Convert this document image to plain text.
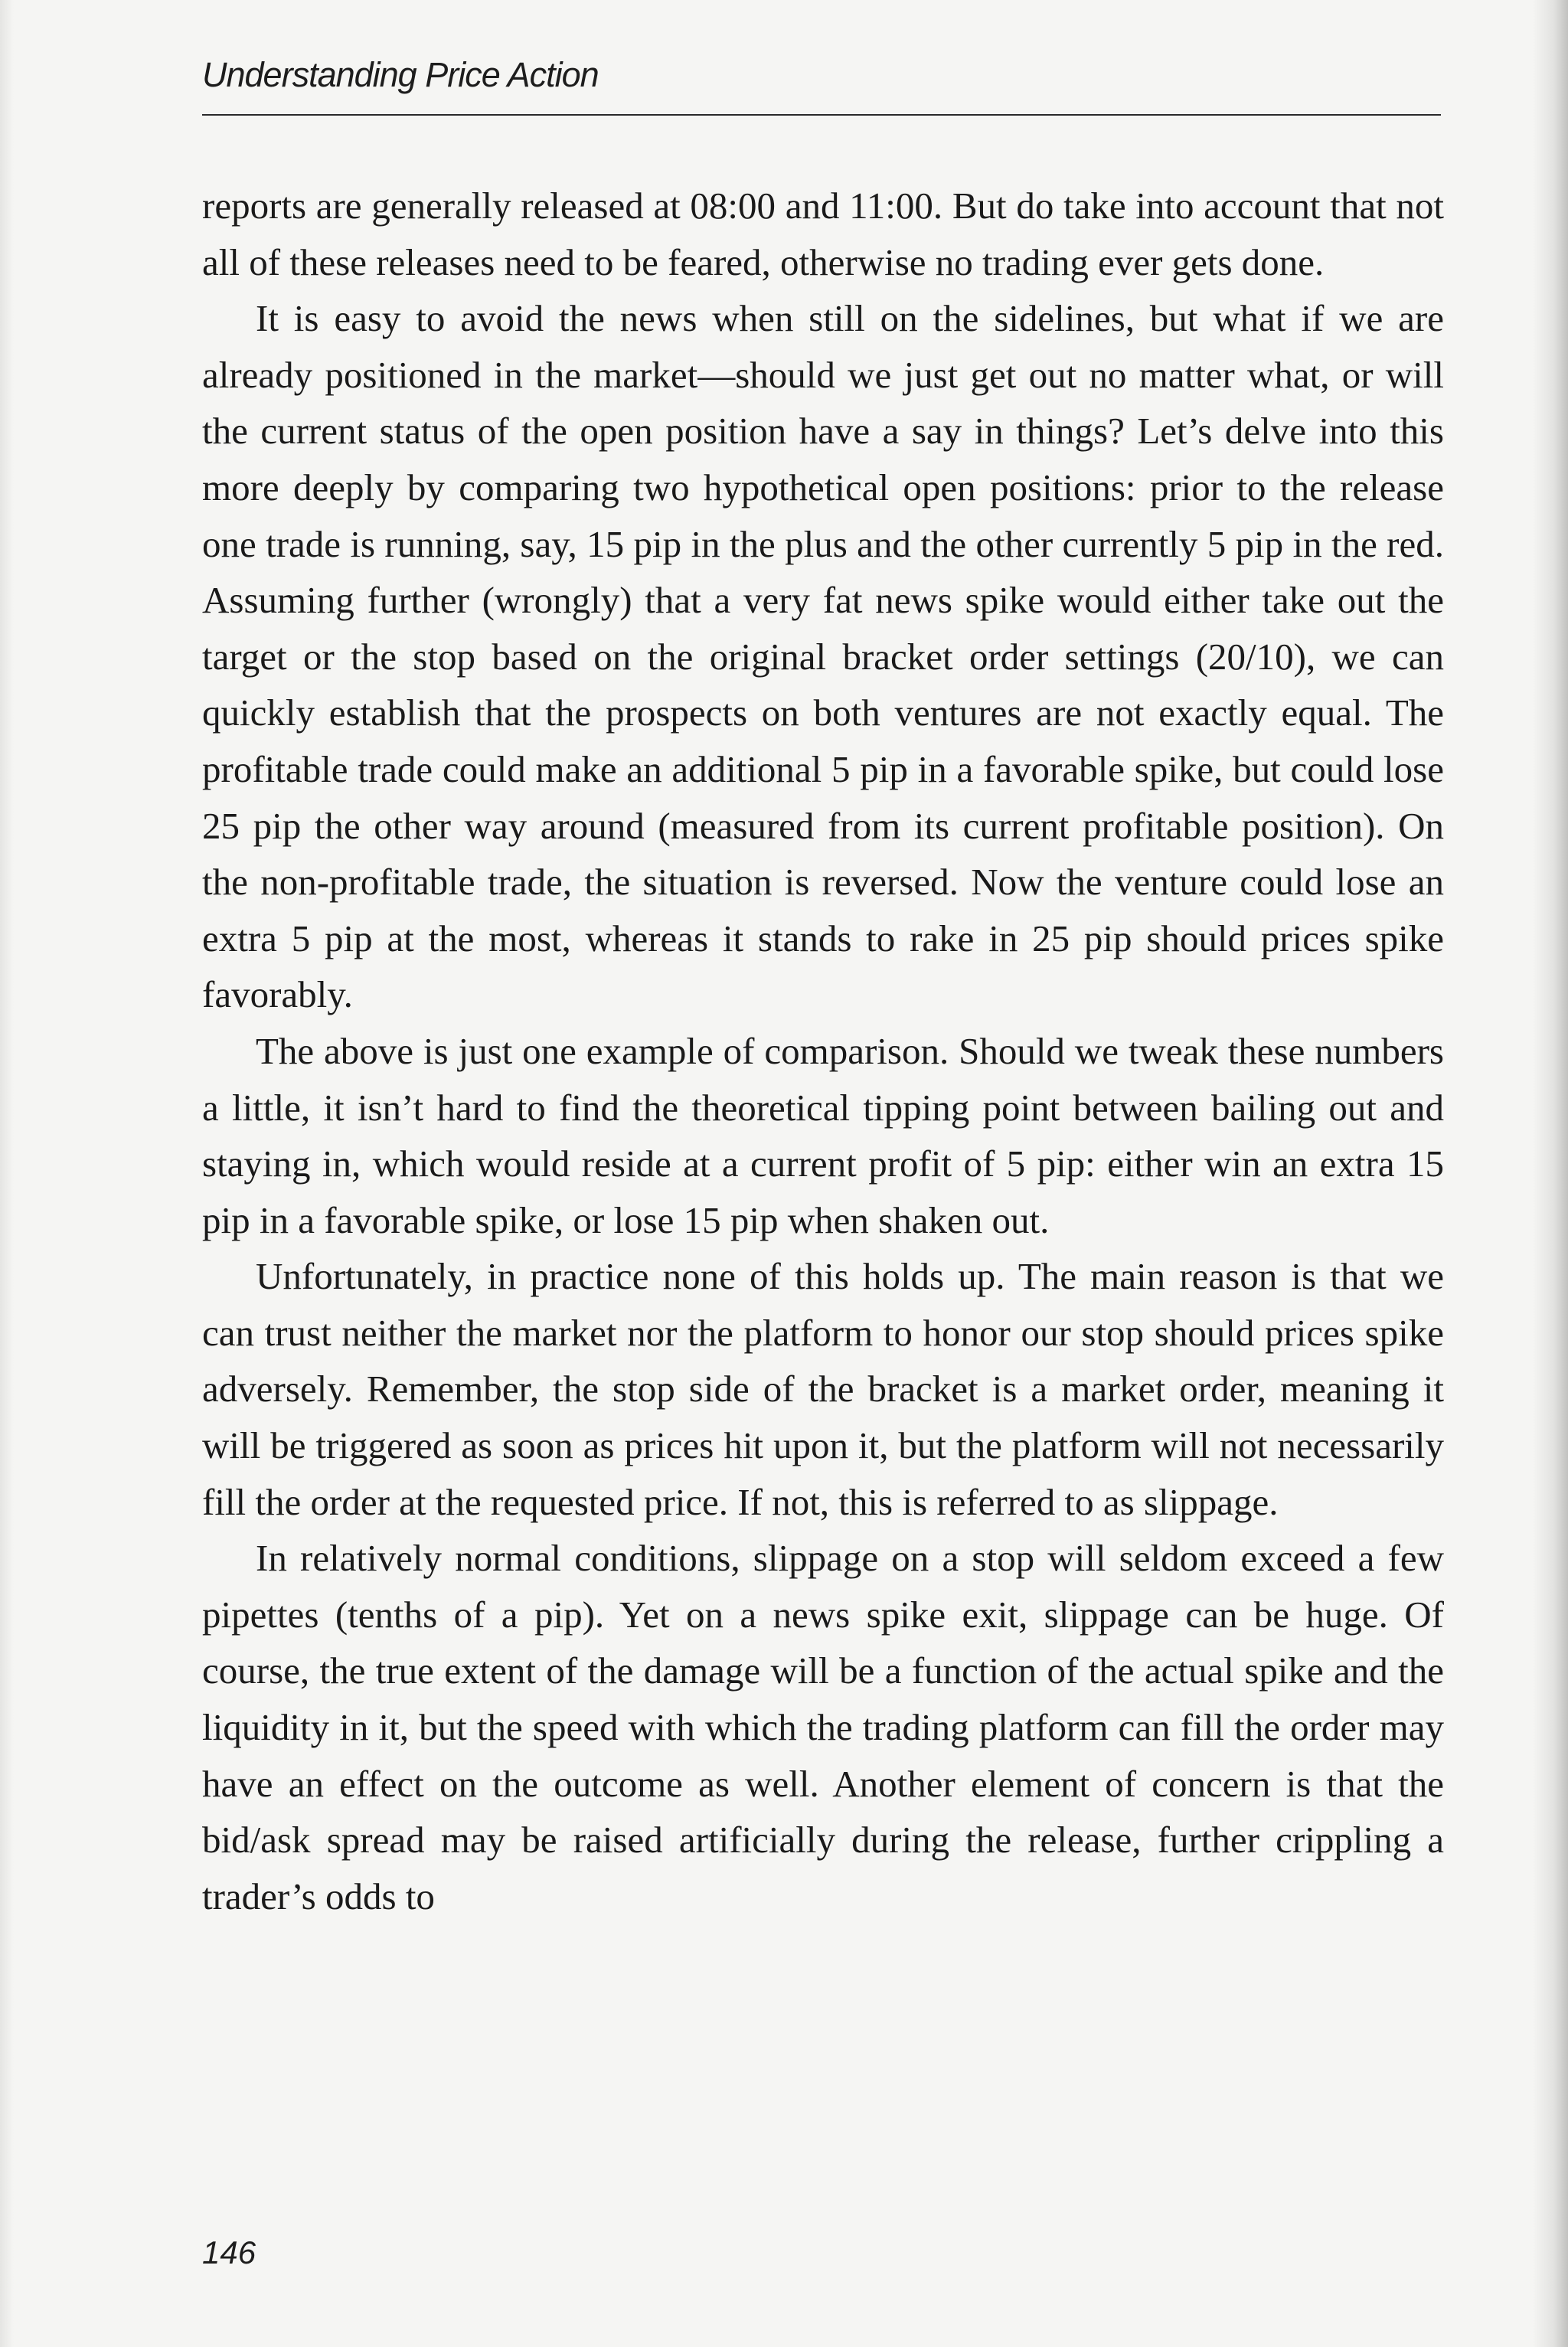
Understanding Price Action

reports are generally released at 08:00 and 11:00. But do take into account that not all of these releases need to be feared, otherwise no trading ever gets done.

It is easy to avoid the news when still on the sidelines, but what if we are already positioned in the market—should we just get out no matter what, or will the current status of the open position have a say in things? Let’s delve into this more deeply by comparing two hypothetical open positions: prior to the release one trade is running, say, 15 pip in the plus and the other currently 5 pip in the red. Assuming further (wrongly) that a very fat news spike would either take out the target or the stop based on the original bracket order settings (20/10), we can quickly establish that the prospects on both ventures are not exactly equal. The profitable trade could make an additional 5 pip in a favorable spike, but could lose 25 pip the other way around (measured from its current profitable position). On the non-profitable trade, the situation is reversed. Now the venture could lose an extra 5 pip at the most, whereas it stands to rake in 25 pip should prices spike favorably.

The above is just one example of comparison. Should we tweak these numbers a little, it isn’t hard to find the theoretical tipping point between bailing out and staying in, which would reside at a current profit of 5 pip: either win an extra 15 pip in a favorable spike, or lose 15 pip when shaken out.

Unfortunately, in practice none of this holds up. The main reason is that we can trust neither the market nor the platform to honor our stop should prices spike adversely. Remember, the stop side of the bracket is a market order, meaning it will be triggered as soon as prices hit upon it, but the platform will not necessarily fill the order at the requested price. If not, this is referred to as slippage.

In relatively normal conditions, slippage on a stop will seldom exceed a few pipettes (tenths of a pip). Yet on a news spike exit, slippage can be huge. Of course, the true extent of the damage will be a function of the actual spike and the liquidity in it, but the speed with which the trading platform can fill the order may have an effect on the outcome as well. Another element of concern is that the bid/ask spread may be raised artificially during the release, further crippling a trader’s odds to

146
